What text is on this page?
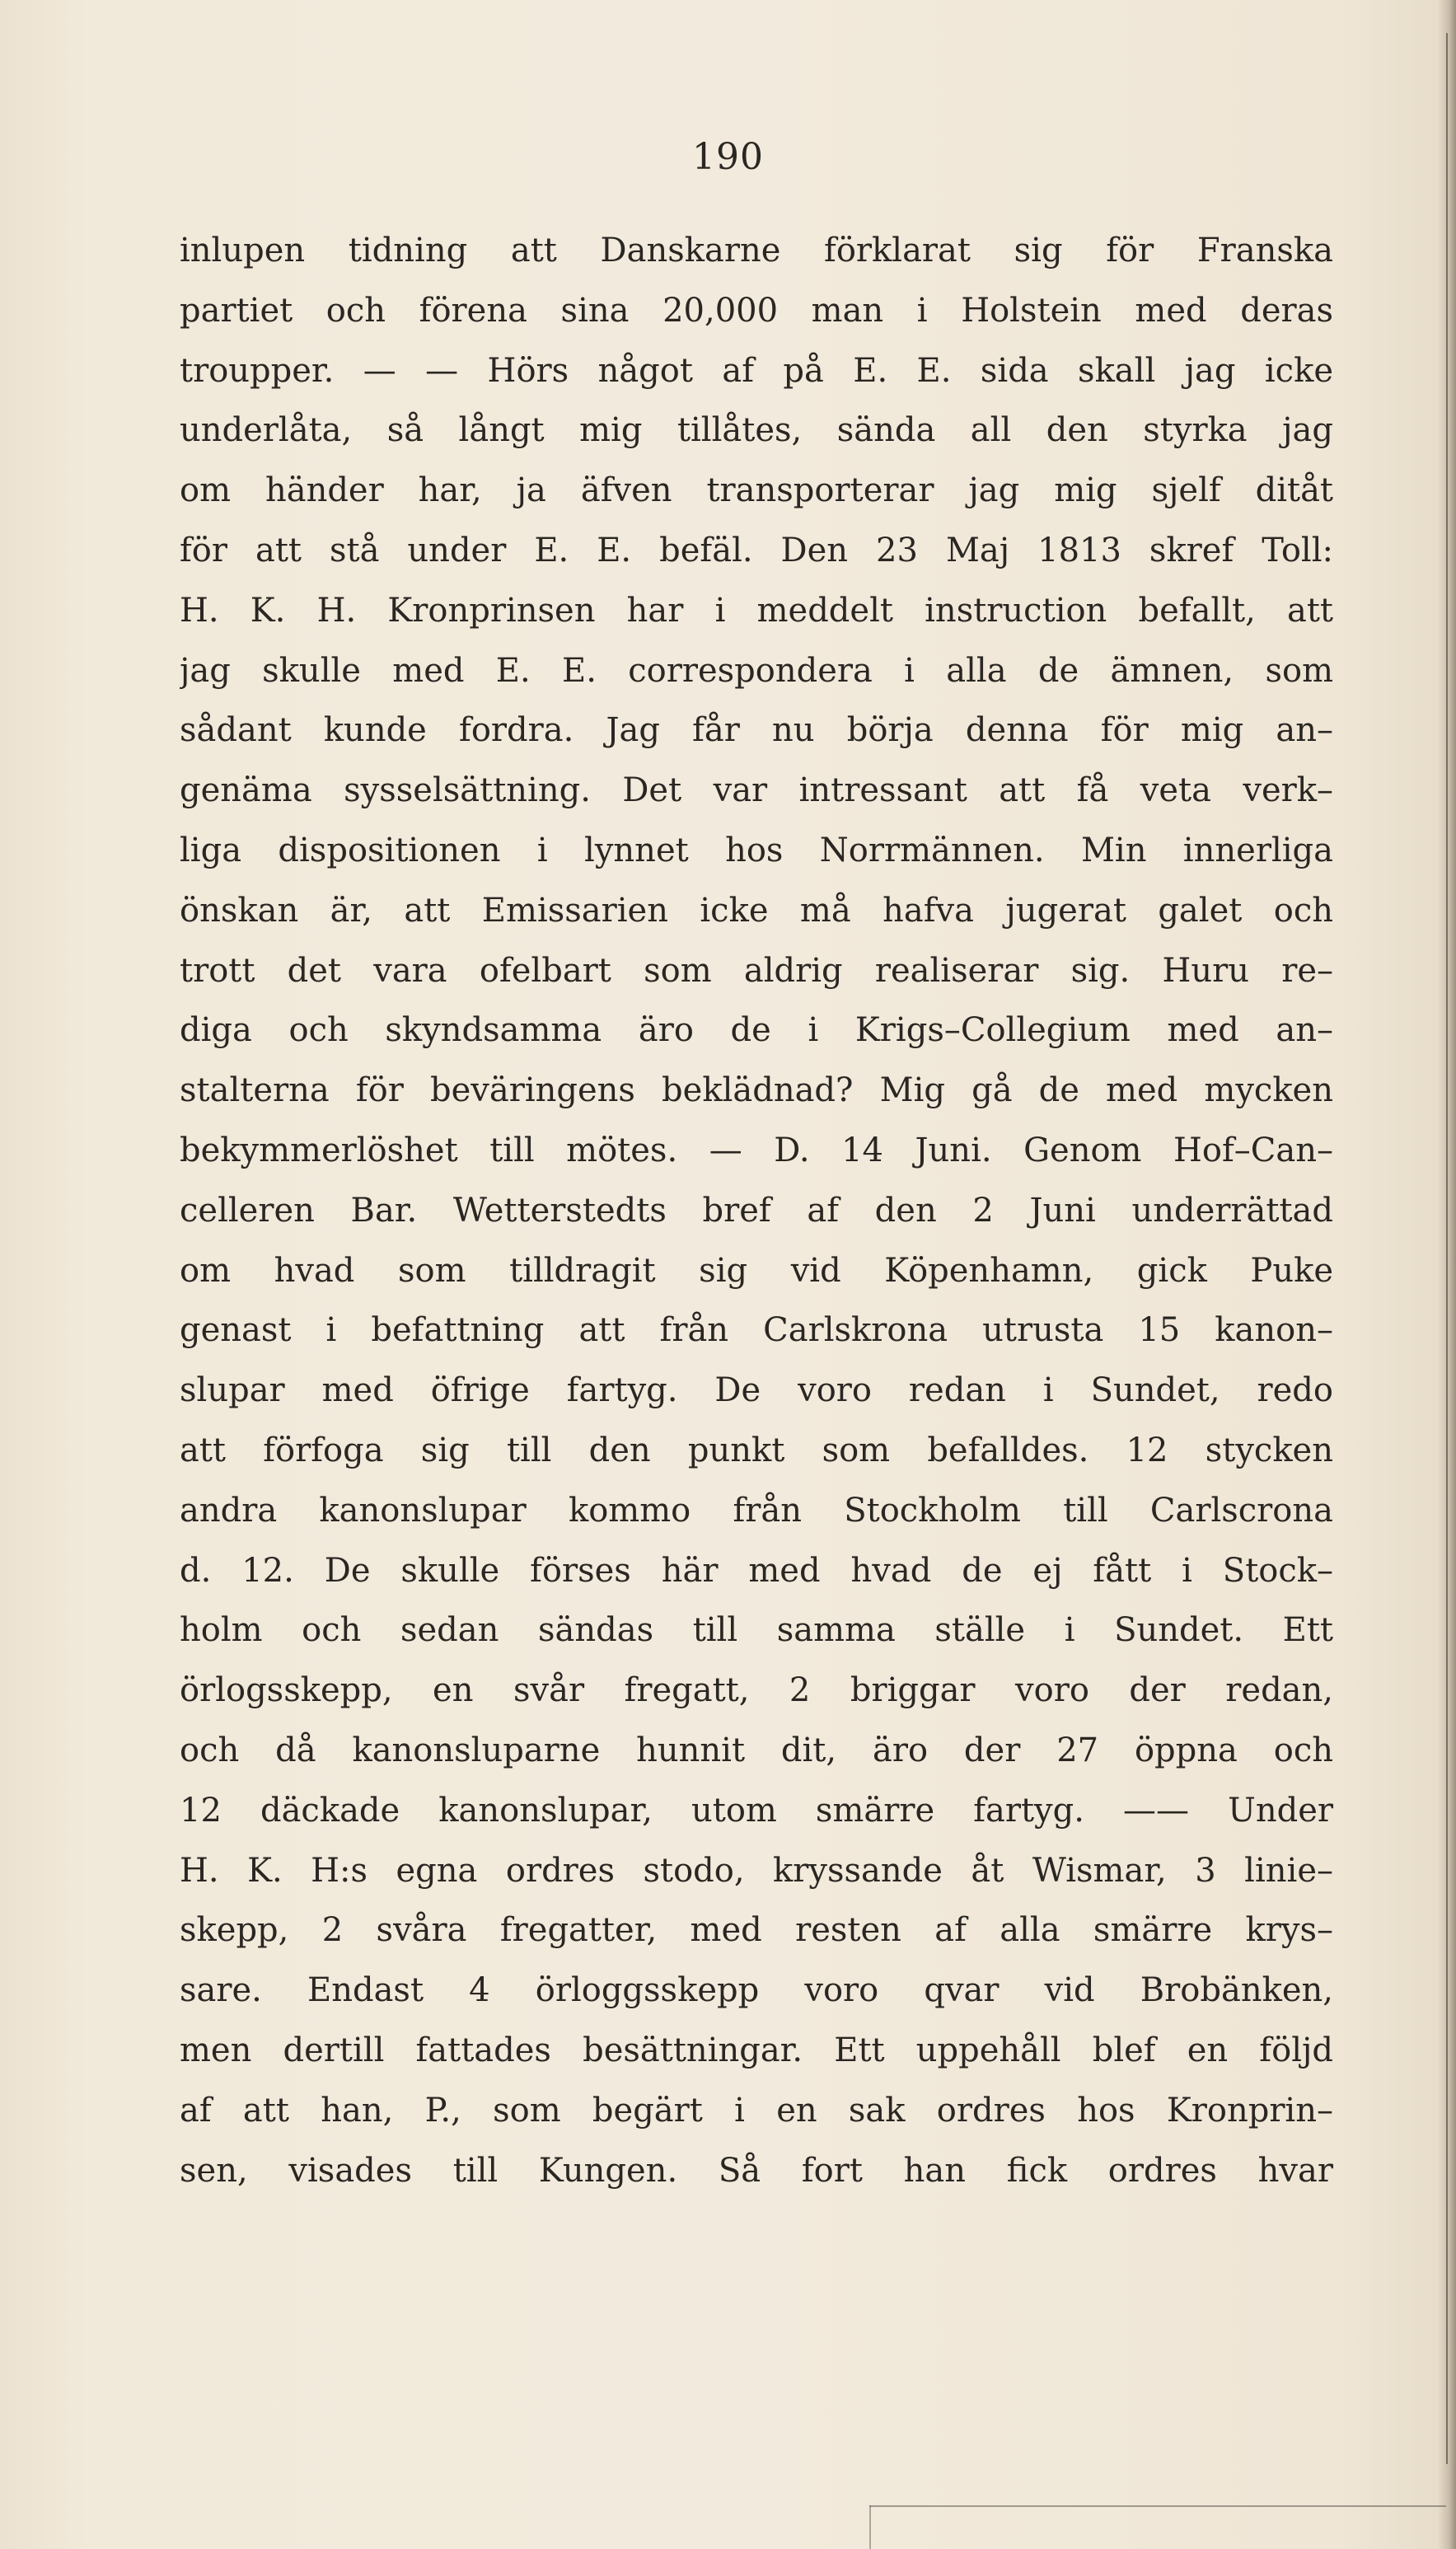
190
inlupen tidning att Danskarne förklarat sig för Franska
partiet och förena sina 20,000 man i Holstein med deras
troupper. — — Hörs något af på E. E. sida skall jag icke
underlåta, så långt mig tillåtes, sända all den styrka jag
om händer har, ja äfven transporterar jag mig sjelf ditåt
för att stå under E. E. befäl. Den 23 Maj 1813 skref Toll:
H. K. H. Kronprinsen har i meddelt instruction befallt, att
jag skulle med E. E. correspondera i alla de ämnen, som
sådant kunde fordra. Jag får nu börja denna för mig an–
genäma sysselsättning. Det var intressant att få veta verk–
liga dispositionen i lynnet hos Norrmännen. Min innerliga
önskan är, att Emissarien icke må hafva jugerat galet och
trott det vara ofelbart som aldrig realiserar sig. Huru re–
diga och skyndsamma äro de i Krigs–Collegium med an–
stalterna för beväringens beklädnad? Mig gå de med mycken
bekymmerlöshet till mötes. — D. 14 Juni. Genom Hof–Can–
celleren Bar. Wetterstedts bref af den 2 Juni underrättad
om hvad som tilldragit sig vid Köpenhamn, gick Puke
genast i befattning att från Carlskrona utrusta 15 kanon–
slupar med öfrige fartyg. De voro redan i Sundet, redo
att förfoga sig till den punkt som befalldes. 12 stycken
andra kanonslupar kommo från Stockholm till Carlscrona
d. 12. De skulle förses här med hvad de ej fått i Stock–
holm och sedan sändas till samma ställe i Sundet. Ett
örlogsskepp, en svår fregatt, 2 briggar voro der redan,
och då kanonsluparne hunnit dit, äro der 27 öppna och
12 däckade kanonslupar, utom smärre fartyg. —— Under
H. K. H:s egna ordres stodo, kryssande åt Wismar, 3 linie–
skepp, 2 svåra fregatter, med resten af alla smärre krys–
sare. Endast 4 örloggsskepp voro qvar vid Brobänken,
men dertill fattades besättningar. Ett uppehåll blef en följd
af att han, P., som begärt i en sak ordres hos Kronprin–
sen, visades till Kungen. Så fort han fick ordres hvar
